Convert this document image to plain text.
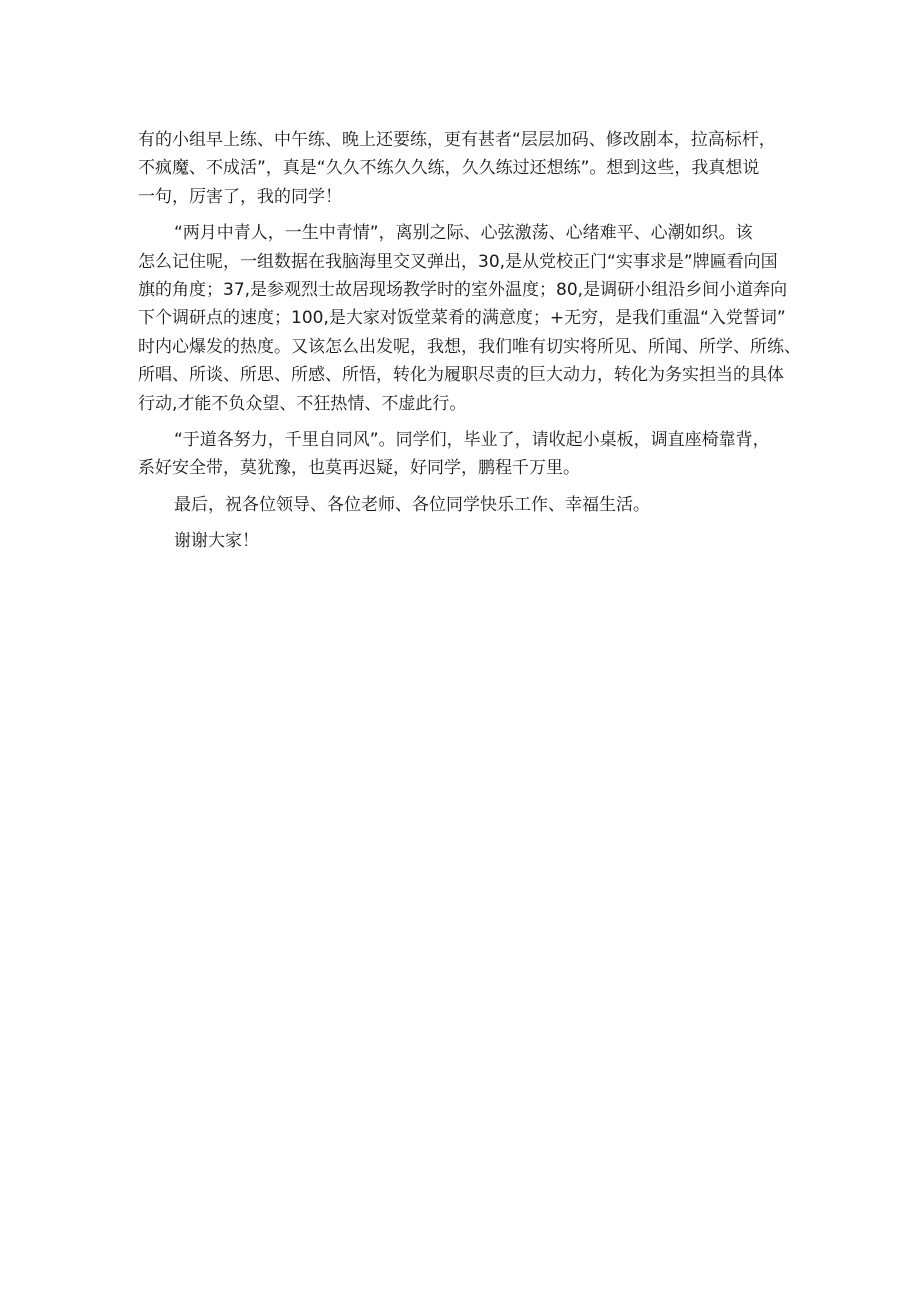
有的小组早上练、中午练、晚上还要练，更有甚者“层层加码、修改剧本，拉高标杆，
不疯魔、不成活”，真是“久久不练久久练，久久练过还想练”。想到这些，我真想说
一句，厉害了，我的同学！
“两月中青人，一生中青情”，离别之际、心弦激荡、心绪难平、心潮如织。该
怎么记住呢，一组数据在我脑海里交叉弹出，30,是从党校正门“实事求是”牌匾看向国
旗的角度；37,是参观烈士故居现场教学时的室外温度；80,是调研小组沿乡间小道奔向
下个调研点的速度；100,是大家对饭堂菜肴的满意度；+无穷，是我们重温“入党誓词”
时内心爆发的热度。又该怎么出发呢，我想，我们唯有切实将所见、所闻、所学、所练、
所唱、所谈、所思、所感、所悟，转化为履职尽责的巨大动力，转化为务实担当的具体
行动,才能不负众望、不狂热情、不虚此行。
“于道各努力，千里自同风”。同学们，毕业了，请收起小桌板，调直座椅靠背，
系好安全带，莫犹豫，也莫再迟疑，好同学，鹏程千万里。
最后，祝各位领导、各位老师、各位同学快乐工作、幸福生活。
谢谢大家！
